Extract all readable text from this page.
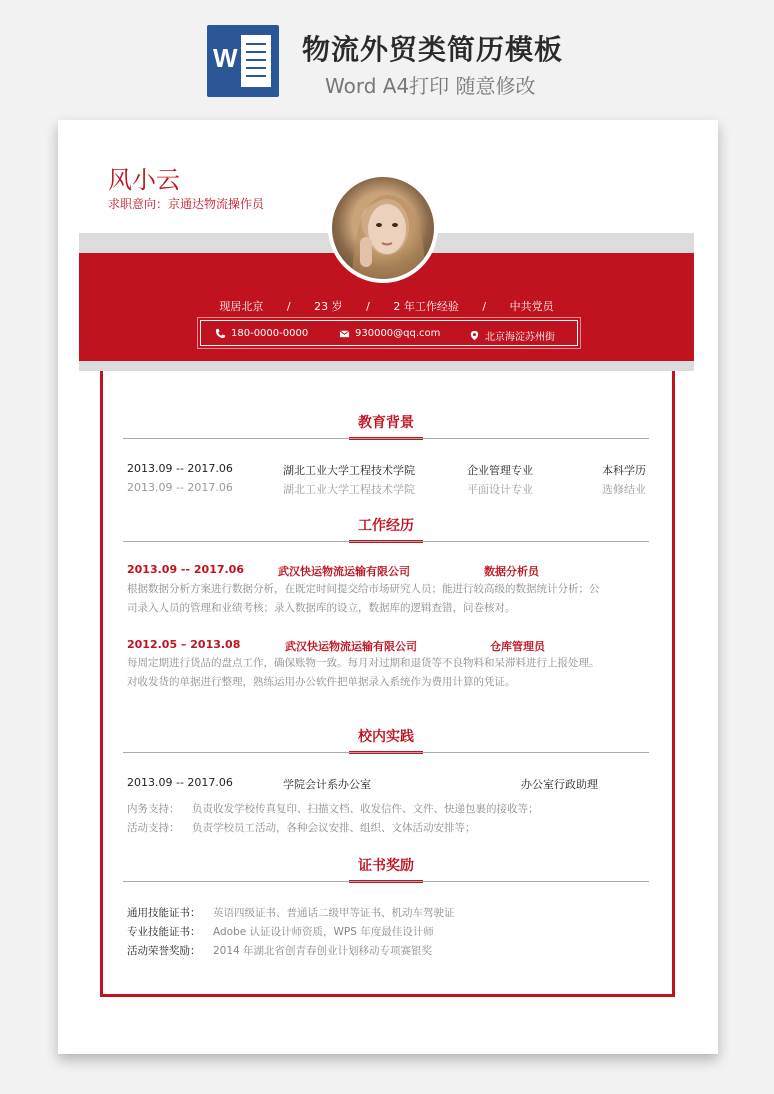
W 物流外贸类简历模板
Word A4打印 随意修改
风小云
求职意向：京通达物流操作员
现居北京 / 23 岁 / 2 年工作经验 / 中共党员
180-0000-0000	930000@qq.com	北京海淀苏州街
教育背景
2013.09 -- 2017.06	湖北工业大学工程技术学院	企业管理专业	本科学历
2013.09 -- 2017.06	湖北工业大学工程技术学院	平面设计专业	选修结业
工作经历
2013.09 -- 2017.06	武汉快运物流运输有限公司	数据分析员
根据数据分析方案进行数据分析，在既定时间提交给市场研究人员；能进行较高级的数据统计分析；公
司录入人员的管理和业绩考核；录入数据库的设立，数据库的逻辑查错，问卷核对。
2012.05 – 2013.08	武汉快运物流运输有限公司	仓库管理员
每周定期进行货品的盘点工作，确保账物一致。每月对过期和退货等不良物料和呆滞料进行上报处理。
对收发货的单据进行整理，熟练运用办公软件把单据录入系统作为费用计算的凭证。
校内实践
2013.09 -- 2017.06	学院会计系办公室	办公室行政助理
内务支持： 负责收发学校传真复印、扫描文档、收发信件、文件、快递包裹的接收等；
活动支持： 负责学校员工活动，各种会议安排、组织、文体活动安排等；
证书奖励
通用技能证书： 英语四级证书、普通话二级甲等证书、机动车驾驶证
专业技能证书： Adobe 认证设计师资质，WPS 年度最佳设计师
活动荣誉奖励： 2014 年湖北省创青春创业计划移动专项赛银奖
